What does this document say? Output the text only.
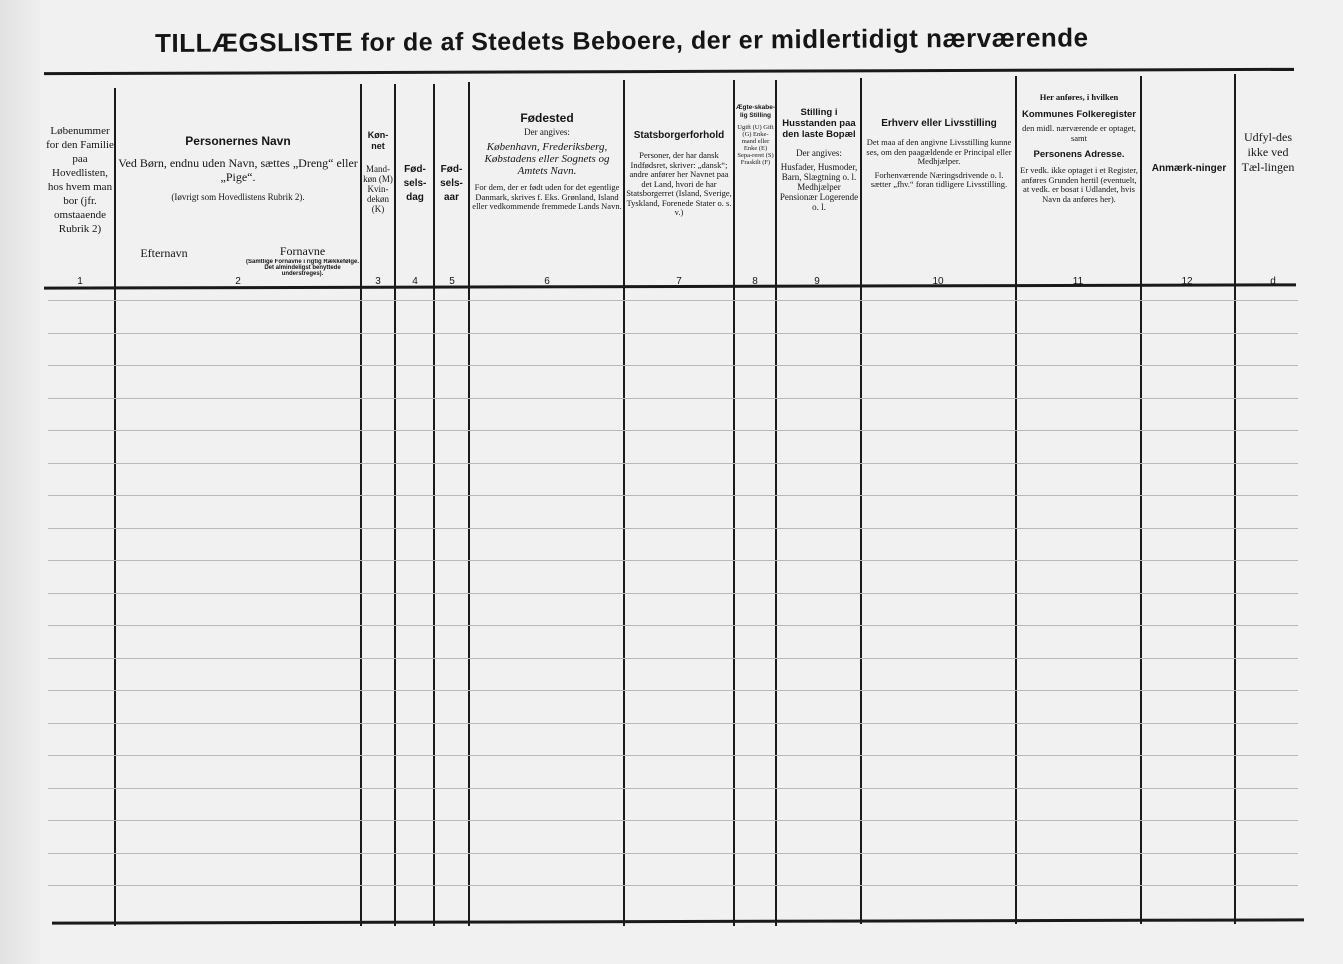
TILLÆGSLISTE for de af Stedets Beboere, der er midlertidigt nærværende
Løbenummer for den Familie paa Hovedlisten, hos hvem man bor (jfr. omstaaende Rubrik 2)
Personernes Navn
Ved Børn, endnu uden Navn, sættes „Dreng“ eller „Pige“.
(Iøvrigt som Hovedlistens Rubrik 2).
Efternavn	Fornavne
(Samtlige Fornavne i rigtig Rækkefølge. Det almindeligst benyttede understreges).
Køn-net
Mand-køn (M) Kvin-dekøn (K)
Fød-sels-dag
Fød-sels-aar
Fødested
Der angives:
København, Frederiksberg, Købstadens eller Sognets og Amtets Navn.
For dem, der er født uden for det egentlige Danmark, skrives f. Eks. Grønland, Island eller vedkommende fremmede Lands Navn.
Statsborgerforhold
Personer, der har dansk Indfødsret, skriver: „dansk“; andre anfører her Navnet paa det Land, hvori de har Statsborgerret (Island, Sverige, Tyskland, Forenede Stater o. s. v.)
Ægte-skabe-lig Stilling
Ugift (U) Gift (G) Enke-mand eller Enke (E) Sepa-reret (S) Fraskilt (F)
Stilling i Husstanden paa den laste Bopæl
Der angives:
Husfader, Husmoder, Barn, Slægtning o. l. Medhjælper Pensionær Logerende o. l.
Erhverv eller Livsstilling
Det maa af den angivne Livsstilling kunne ses, om den paagældende er Principal eller Medhjælper.
Forhenværende Næringsdrivende o. l. sætter „fhv.“ foran tidligere Livsstilling.
Her anføres, i hvilken
Kommunes Folkeregister
den midl. nærværende er optaget, samt
Personens Adresse.
Er vedk. ikke optaget i et Register, anføres Grunden hertil (eventuelt, at vedk. er bosat i Udlandet, hvis Navn da anføres her).
Anmærk-ninger
Udfyl-des ikke ved Tæl-lingen
1	2	3	4	5	6	7	8	9	10	11	12	d
